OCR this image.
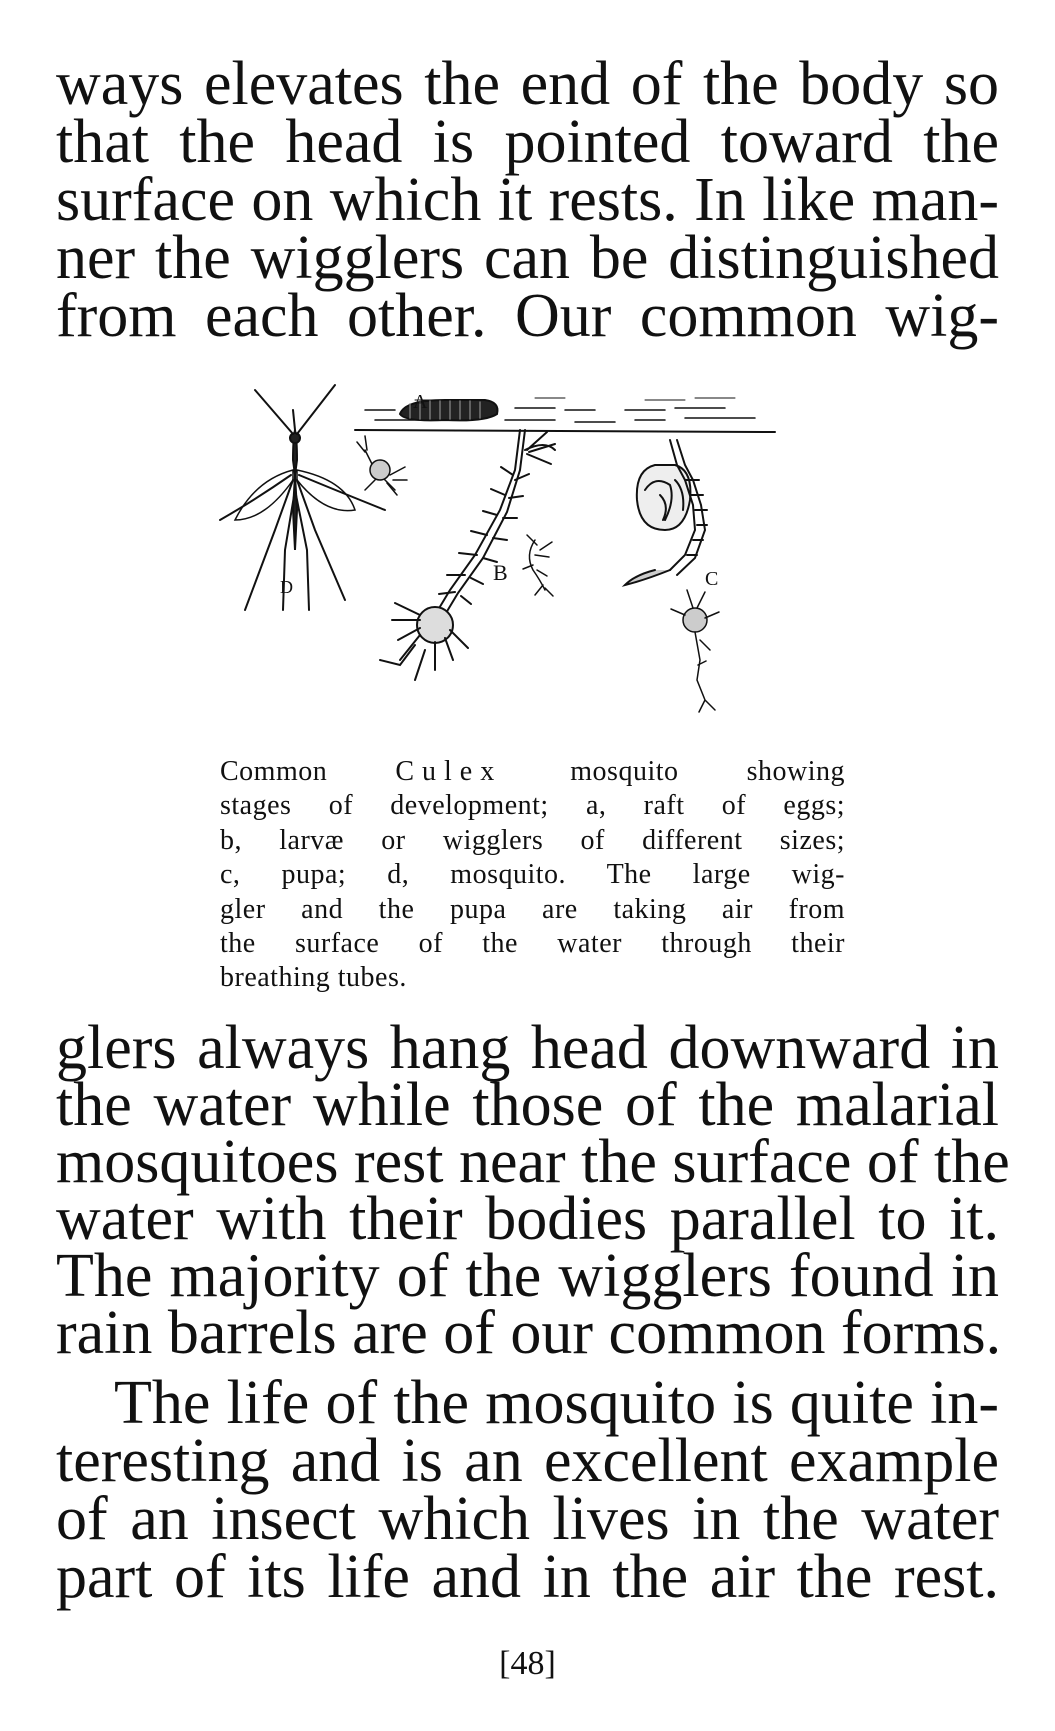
ways elevates the end of the body so
that the head is pointed toward the
surface on which it rests. In like man-
ner the wigglers can be distinguished
from each other. Our common wig-
B	C
A
D
Common Culex mosquito showing
stages of development; a, raft of eggs;
b, larvæ or wigglers of different sizes;
c, pupa; d, mosquito. The large wig-
gler and the pupa are taking air from
the surface of the water through their
breathing tubes.
glers always hang head downward in
the water while those of the malarial
mosquitoes rest near the surface of the
water with their bodies parallel to it.
The majority of the wigglers found in
rain barrels are of our common forms.
The life of the mosquito is quite in-
teresting and is an excellent example
of an insect which lives in the water
part of its life and in the air the rest.
[48]
